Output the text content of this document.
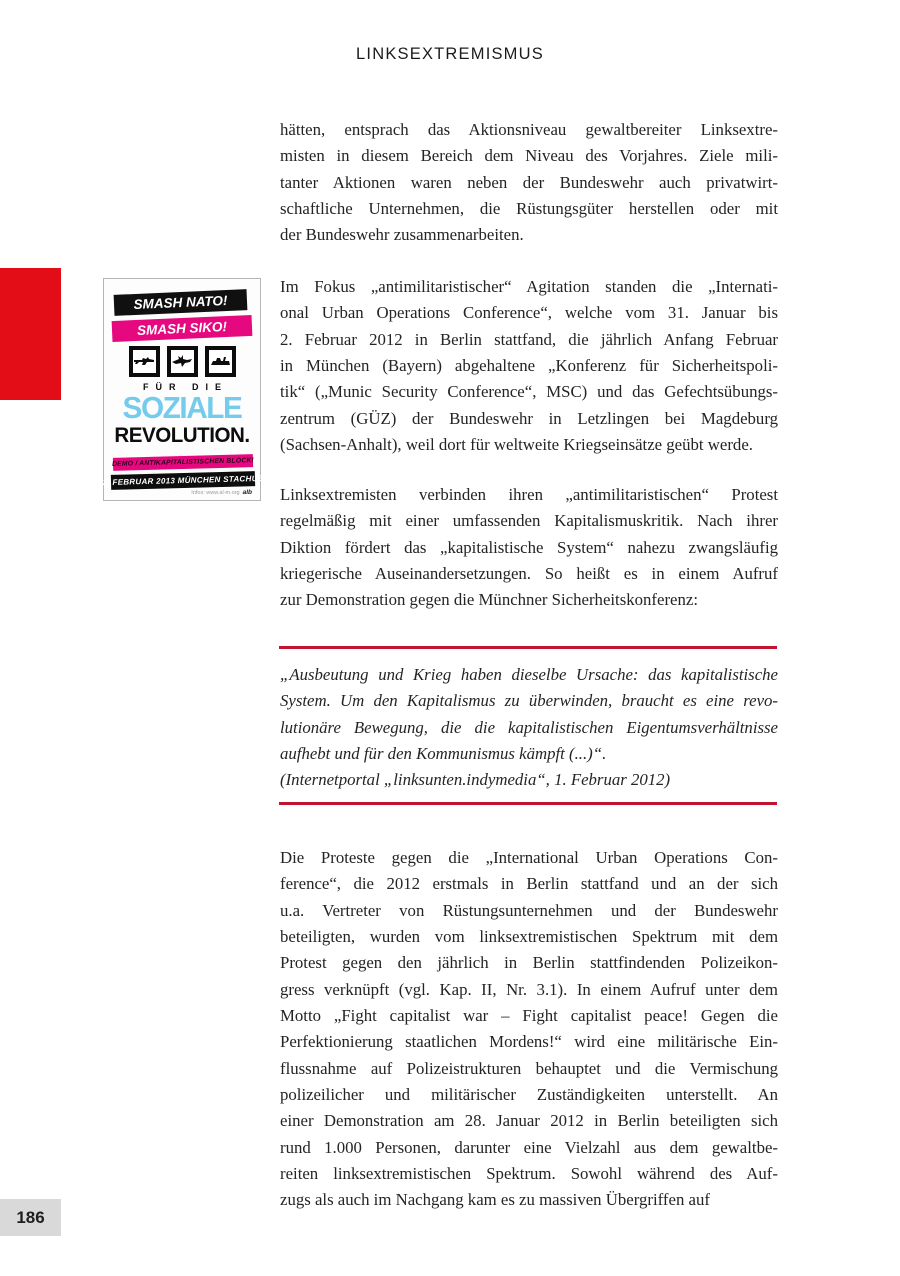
LINKSEXTREMISMUS
SMASH NATO!
SMASH SIKO!
FÜR DIE
SOZIALE
REVOLUTION.
DEMO / ANTIKAPITALISTISCHEN BLOCK!
2. FEBRUAR 2013 MÜNCHEN STACHUS
Infos: www.al-m.org alb
hätten, entsprach das Aktionsniveau gewaltbereiter Linksextre-
misten in diesem Bereich dem Niveau des Vorjahres. Ziele mili-
tanter Aktionen waren neben der Bundeswehr auch privatwirt-
schaftliche Unternehmen, die Rüstungsgüter herstellen oder mit
der Bundeswehr zusammenarbeiten.
Im Fokus „antimilitaristischer“ Agitation standen die „Internati-
onal Urban Operations Conference“, welche vom 31. Januar bis
2. Februar 2012 in Berlin stattfand, die jährlich Anfang Februar
in München (Bayern) abgehaltene „Konferenz für Sicherheitspoli-
tik“ („Munic Security Conference“, MSC) und das Gefechtsübungs-
zentrum (GÜZ) der Bundeswehr in Letzlingen bei Magdeburg
(Sachsen-Anhalt), weil dort für weltweite Kriegseinsätze geübt werde.
Linksextremisten verbinden ihren „antimilitaristischen“ Protest
regelmäßig mit einer umfassenden Kapitalismuskritik. Nach ihrer
Diktion fördert das „kapitalistische System“ nahezu zwangsläufig
kriegerische Auseinandersetzungen. So heißt es in einem Aufruf
zur Demonstration gegen die Münchner Sicherheitskonferenz:
„Ausbeutung und Krieg haben dieselbe Ursache: das kapitalistische
System. Um den Kapitalismus zu überwinden, braucht es eine revo-
lutionäre Bewegung, die die kapitalistischen Eigentumsverhältnisse
aufhebt und für den Kommunismus kämpft (...)“.
(Internetportal „linksunten.indymedia“, 1. Februar 2012)
Die Proteste gegen die „International Urban Operations Con-
ference“, die 2012 erstmals in Berlin stattfand und an der sich
u.a. Vertreter von Rüstungsunternehmen und der Bundeswehr
beteiligten, wurden vom linksextremistischen Spektrum mit dem
Protest gegen den jährlich in Berlin stattfindenden Polizeikon-
gress verknüpft (vgl. Kap. II, Nr. 3.1). In einem Aufruf unter dem
Motto „Fight capitalist war – Fight capitalist peace! Gegen die
Perfektionierung staatlichen Mordens!“ wird eine militärische Ein-
flussnahme auf Polizeistrukturen behauptet und die Vermischung
polizeilicher und militärischer Zuständigkeiten unterstellt. An
einer Demonstration am 28. Januar 2012 in Berlin beteiligten sich
rund 1.000 Personen, darunter eine Vielzahl aus dem gewaltbe-
reiten linksextremistischen Spektrum. Sowohl während des Auf-
zugs als auch im Nachgang kam es zu massiven Übergriffen auf
186
